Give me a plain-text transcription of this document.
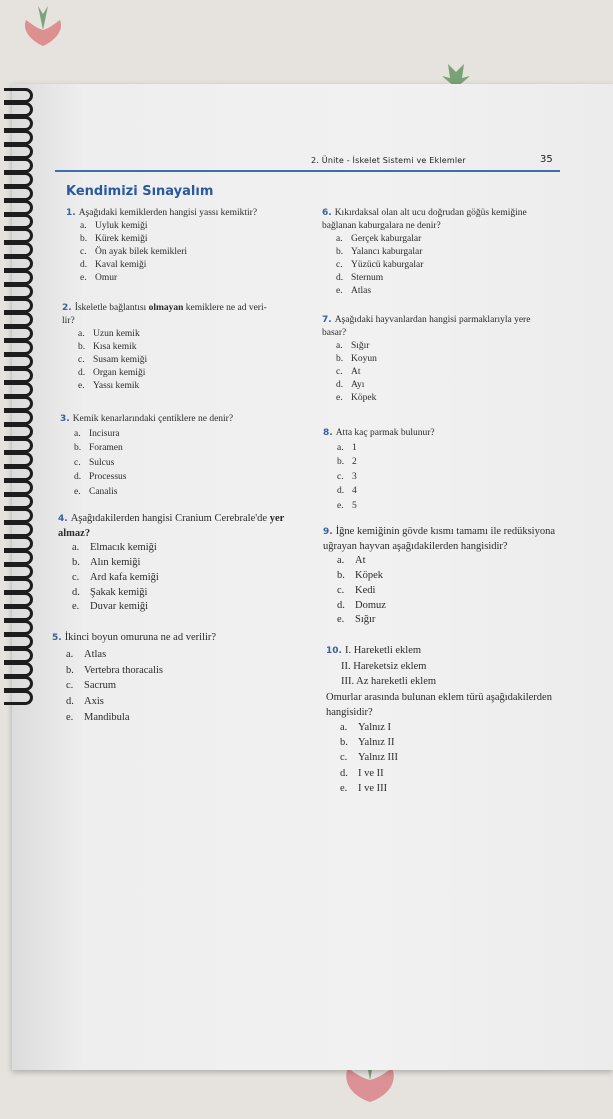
2. Ünite - İskelet Sistemi ve Eklemler	35
Kendimizi Sınayalım
1. Aşağıdaki kemiklerden hangisi yassı kemiktir?
a. Uyluk kemiği
b. Kürek kemiği
c. Ön ayak bilek kemikleri
d. Kaval kemiği
e. Omur
2. İskeletle bağlantısı olmayan kemiklere ne ad veri-
lir?
a. Uzun kemik
b. Kısa kemik
c. Susam kemiği
d. Organ kemiği
e. Yassı kemik
3. Kemik kenarlarındaki çentiklere ne denir?
a. Incisura
b. Foramen
c. Sulcus
d. Processus
e. Canalis
4. Aşağıdakilerden hangisi Cranium Cerebrale'de yer
almaz?
a. Elmacık kemiği
b. Alın kemiği
c. Ard kafa kemiği
d. Şakak kemiği
e. Duvar kemiği
5. İkinci boyun omuruna ne ad verilir?
a. Atlas
b. Vertebra thoracalis
c. Sacrum
d. Axis
e. Mandibula
6. Kıkırdaksal olan alt ucu doğrudan göğüs kemiğine
bağlanan kaburgalara ne denir?
a. Gerçek kaburgalar
b. Yalancı kaburgalar
c. Yüzücü kaburgalar
d. Sternum
e. Atlas
7. Aşağıdaki hayvanlardan hangisi parmaklarıyla yere
basar?
a. Sığır
b. Koyun
c. At
d. Ayı
e. Köpek
8. Atta kaç parmak bulunur?
a. 1
b. 2
c. 3
d. 4
e. 5
9. İğne kemiğinin gövde kısmı tamamı ile redüksiyona
uğrayan hayvan aşağıdakilerden hangisidir?
a. At
b. Köpek
c. Kedi
d. Domuz
e. Sığır
10. I. Hareketli eklem
II. Hareketsiz eklem
III. Az hareketli eklem
Omurlar arasında bulunan eklem türü aşağıdakilerden
hangisidir?
a. Yalnız I
b. Yalnız II
c. Yalnız III
d. I ve II
e. I ve III
